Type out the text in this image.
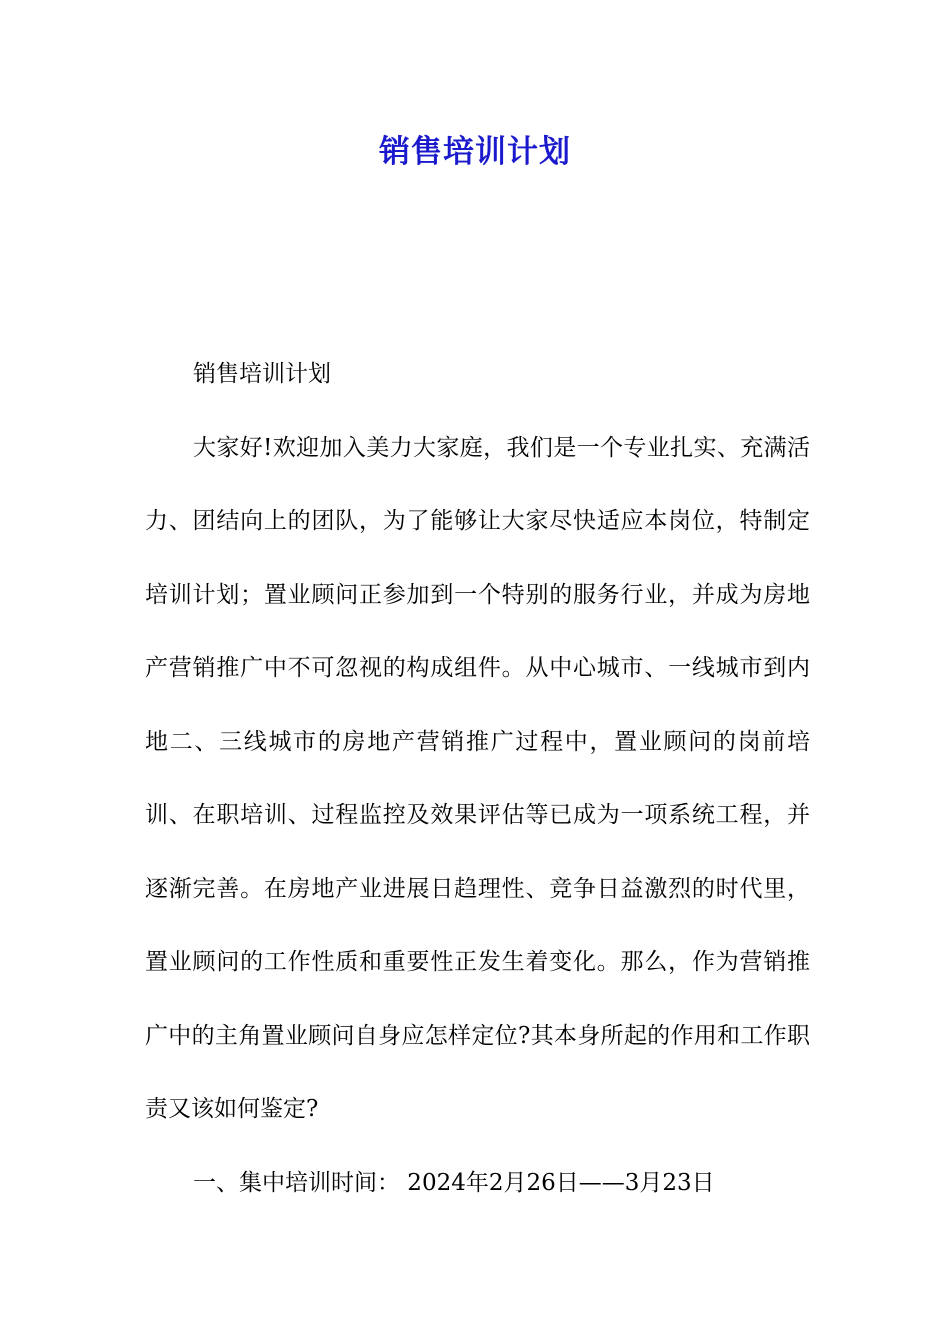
销售培训计划

销售培训计划

大家好!欢迎加入美力大家庭，我们是一个专业扎实、充满活力、团结向上的团队，为了能够让大家尽快适应本岗位，特制定培训计划；置业顾问正参加到一个特别的服务行业，并成为房地产营销推广中不可忽视的构成组件。从中心城市、一线城市到内地二、三线城市的房地产营销推广过程中，置业顾问的岗前培训、在职培训、过程监控及效果评估等已成为一项系统工程，并逐渐完善。在房地产业进展日趋理性、竞争日益激烈的时代里，置业顾问的工作性质和重要性正发生着变化。那么，作为营销推广中的主角置业顾问自身应怎样定位?其本身所起的作用和工作职责又该如何鉴定?

一、集中培训时间： 2024年2月26日——3月23日
